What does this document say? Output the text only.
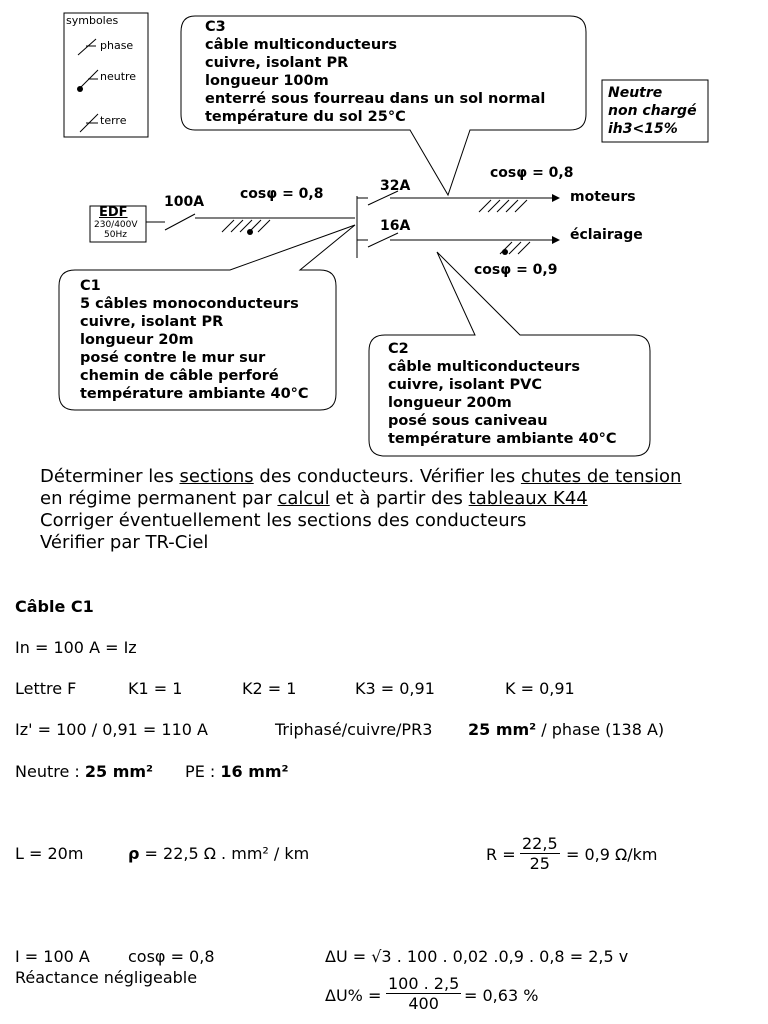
symboles
phase
neutre
terre
EDF
230/400V
50Hz
100A	cosφ = 0,8	32A
cosφ = 0,8
moteurs
16A
cosφ = 0,9
éclairage
Neutre
non chargé
ih3<15%
C3
câble multiconducteurs
cuivre, isolant PR
longueur 100m
enterré sous fourreau dans un sol normal
température du sol 25°C
C1
5 câbles monoconducteurs
cuivre, isolant PR
longueur 20m
posé contre le mur sur
chemin de câble perforé
température ambiante 40°C
C2
câble multiconducteurs
cuivre, isolant PVC
longueur 200m
posé sous caniveau
température ambiante 40°C
Déterminer les sections des conducteurs. Vérifier les chutes de tension
en régime permanent par calcul et à partir des tableaux K44
Corriger éventuellement les sections des conducteurs
Vérifier par TR-Ciel
Câble C1
In = 100 A = Iz
Lettre F	K1 = 1	K2 = 1	K3 = 0,91	K = 0,91
Iz' = 100 / 0,91 = 110 A	Triphasé/cuivre/PR3 25 mm² / phase (138 A)
Neutre : 25 mm² PE : 16 mm²
L = 20m	ρ = 22,5 Ω . mm² / km	$R = \frac{22,5}{25} = 0,9$ Ω/km
I = 100 A cosφ = 0,8
Réactance négligeable
ΔU = √3 . 100 . 0,02 .0,9 . 0,8 = 2,5 v
$\Delta U\% = \frac{100 . 2,5}{400} = 0,63$ %
